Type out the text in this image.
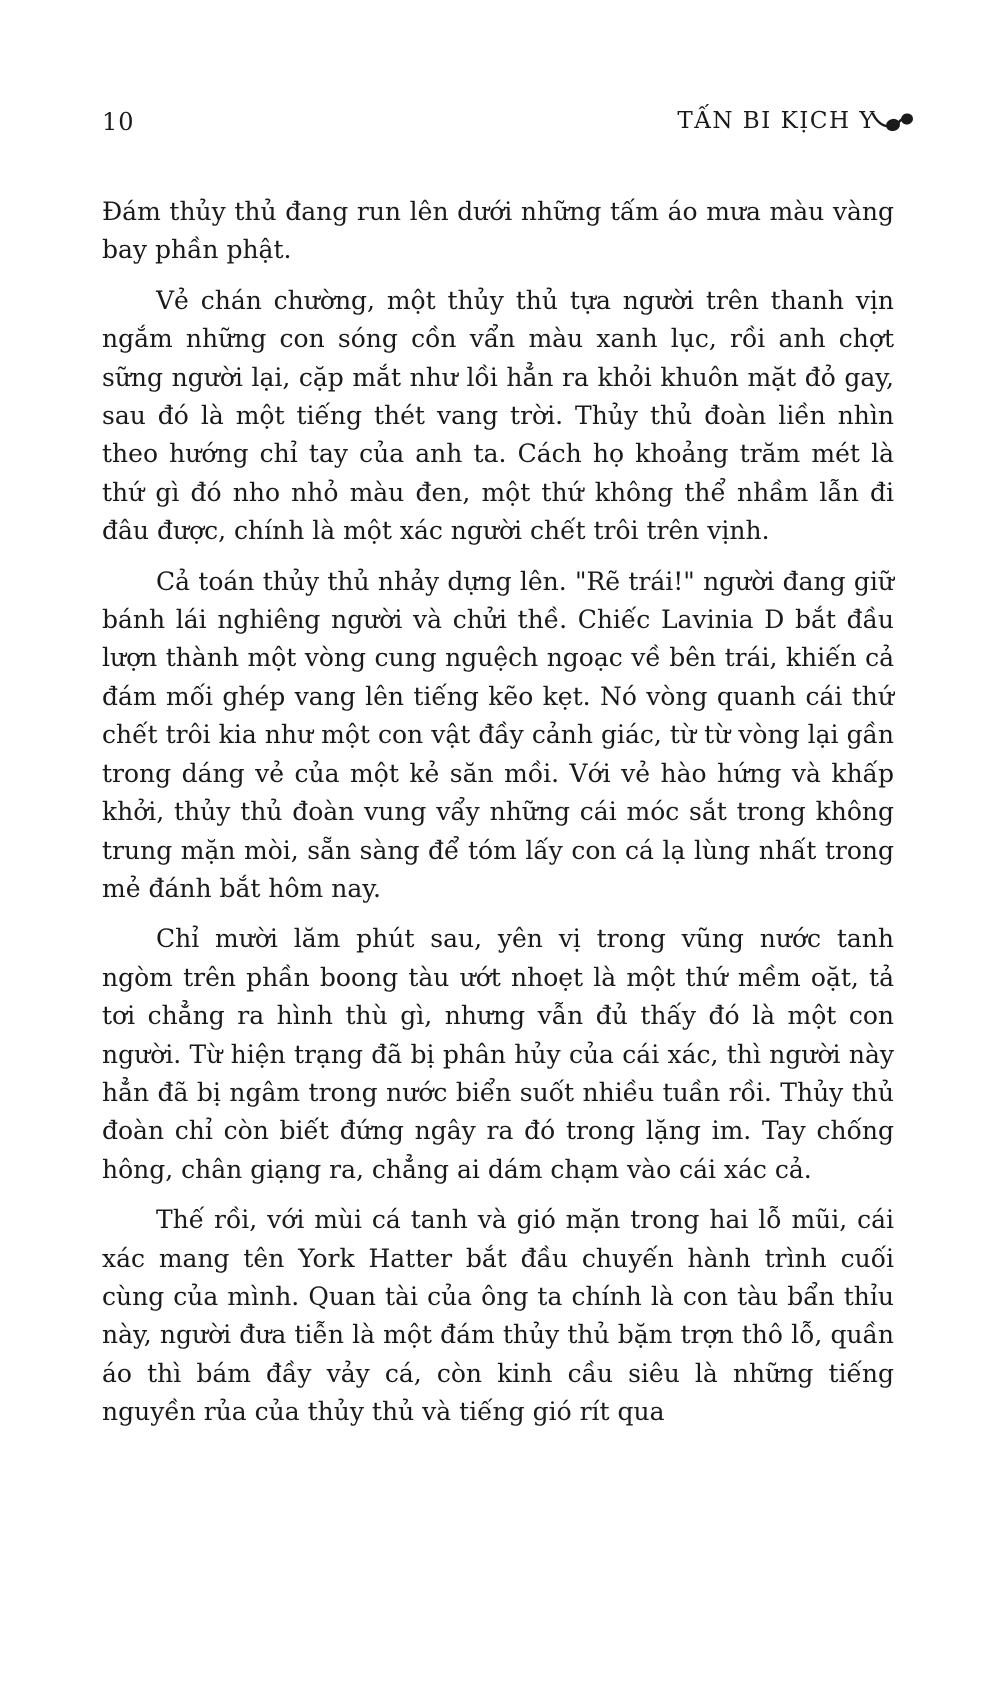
10	TẤN BI KỊCH Y

Đám thủy thủ đang run lên dưới những tấm áo mưa màu vàng bay phần phật.

Vẻ chán chường, một thủy thủ tựa người trên thanh vịn ngắm những con sóng cồn vẩn màu xanh lục, rồi anh chợt sững người lại, cặp mắt như lồi hẳn ra khỏi khuôn mặt đỏ gay, sau đó là một tiếng thét vang trời. Thủy thủ đoàn liền nhìn theo hướng chỉ tay của anh ta. Cách họ khoảng trăm mét là thứ gì đó nho nhỏ màu đen, một thứ không thể nhầm lẫn đi đâu được, chính là một xác người chết trôi trên vịnh.

Cả toán thủy thủ nhảy dựng lên. "Rẽ trái!" người đang giữ bánh lái nghiêng người và chửi thề. Chiếc Lavinia D bắt đầu lượn thành một vòng cung nguệch ngoạc về bên trái, khiến cả đám mối ghép vang lên tiếng kẽo kẹt. Nó vòng quanh cái thứ chết trôi kia như một con vật đầy cảnh giác, từ từ vòng lại gần trong dáng vẻ của một kẻ săn mồi. Với vẻ hào hứng và khấp khởi, thủy thủ đoàn vung vẩy những cái móc sắt trong không trung mặn mòi, sẵn sàng để tóm lấy con cá lạ lùng nhất trong mẻ đánh bắt hôm nay.

Chỉ mười lăm phút sau, yên vị trong vũng nước tanh ngòm trên phần boong tàu ướt nhoẹt là một thứ mềm oặt, tả tơi chẳng ra hình thù gì, nhưng vẫn đủ thấy đó là một con người. Từ hiện trạng đã bị phân hủy của cái xác, thì người này hẳn đã bị ngâm trong nước biển suốt nhiều tuần rồi. Thủy thủ đoàn chỉ còn biết đứng ngây ra đó trong lặng im. Tay chống hông, chân giạng ra, chẳng ai dám chạm vào cái xác cả.

Thế rồi, với mùi cá tanh và gió mặn trong hai lỗ mũi, cái xác mang tên York Hatter bắt đầu chuyến hành trình cuối cùng của mình. Quan tài của ông ta chính là con tàu bẩn thỉu này, người đưa tiễn là một đám thủy thủ bặm trợn thô lỗ, quần áo thì bám đầy vảy cá, còn kinh cầu siêu là những tiếng nguyền rủa của thủy thủ và tiếng gió rít qua
